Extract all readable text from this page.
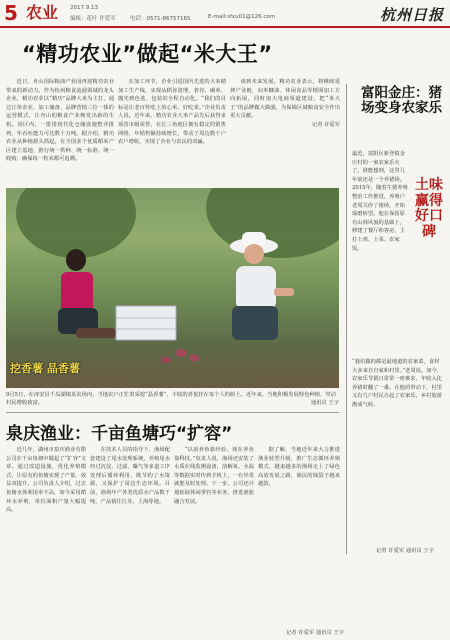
5 农业 2017.9.13
编辑：花叶 许爱军	电话：0571-86757165	E-mail:sfxu01@126.com	杭州日报
“精功农业”做起“米大王”

近日，舟山国际粮油产业园再迎精功农业带来的新动力。作为杭州粮食流通领域的龙头企业，精功农业以“精功”品牌大米为主打，通过订单农业、加工储备、品牌营销三位一体的运营模式，让舟山的粮食产业焕发出新的生机。园区内，一排排现代化仓储设施整齐排列，年吞吐能力可达数十万吨。据介绍，精功农业从种植源头抓起，在全国多个优质稻米产区建立基地，推行统一供种、统一标准、统一收购，确保每一粒米都可追溯。

在加工环节，企业引进国内先进的大米精加工生产线，实现从稻谷清理、砻谷、碾米、抛光到色选、包装的全程自动化。“我们的目标是让老百姓吃上放心米、好吃米。”企业负责人说。近年来，精功农业大米产品先后获得多项省市级荣誉，在长三角地区拥有稳定的销售网络，年销售额持续增长，带动了周边数千户农户增收，实现了企业与农民的双赢。

谈到未来发展，精功农业表示，将继续延伸产业链，向米糠油、休闲食品等精深加工方向拓展，同时加大电商渠道建设，把“米大王”的品牌做大做强，为保障区域粮食安全作出更大贡献。

记者 许爱军
挖香薯 晶香薯
9月5日，在淳安县千岛湖镇某农场内，当地农户正忙着采挖“晶香薯”，丰收的喜悦挂在每个人的脸上。近年来，当地积极发展特色种植，带动村民增收致富。	通讯员 王宇
富阳金庄：猪场变身农家乐
土味赢得好口碑
最近，富阳区新登镇金庄村的一家农家乐火了。谁能想到，这里几年前还是一个养猪场。2015年，随着生猪养殖整治工作推进，养殖户老周关停了猪场，开始琢磨转型。他在保留原有山林风貌的基础上，修建了餐厅和客房，主打土鸡、土菜、农家饭。
“我们做的都是最地道的农家菜，食材大多来自自家和村里。”老周说。如今，农家乐节假日常常一座难求，年收入比养猪时翻了一番。在他的带动下，村里又有几户村民办起了农家乐，乡村旅游渐成气候。
记者 许爱军 通讯员 王宇
泉庆渔业：千亩鱼塘巧“扩容”

近几年，湖州市泉庆渔业有限公司在千亩鱼塘中做起了“扩容”文章。通过改造设施、优化养殖模式，让原有的鱼塘实现了产量、效益双提升。公司负责人介绍，过去鱼塘水体利用率不高，如今采用循环水养殖，单位面积产量大幅提高。

在技术人员的指导下，渔场配套建设了尾水处理系统，养殖尾水经过沉淀、过滤、曝气等多道工序处理后循环利用，既节约了水资源，又保护了周边生态环境。目前，渔场年产各类优质水产品数千吨，产品销往江苏、上海等地。

“以前养鱼靠经验，现在养鱼靠科技。”负责人说，渔场还安装了水质在线监测设备，溶解氧、水温等数据实时传到手机上，一有异常就能及时处理。下一步，公司还计划拓展休闲垂钓等业务，推进渔旅融合发展。

据了解，当地近年来大力推进渔业转型升级，推广生态循环养殖模式，越来越多的渔场走上了绿色高效发展之路，渔民的钱袋子越来越鼓。

记者 许爱军 通讯员 王宇
